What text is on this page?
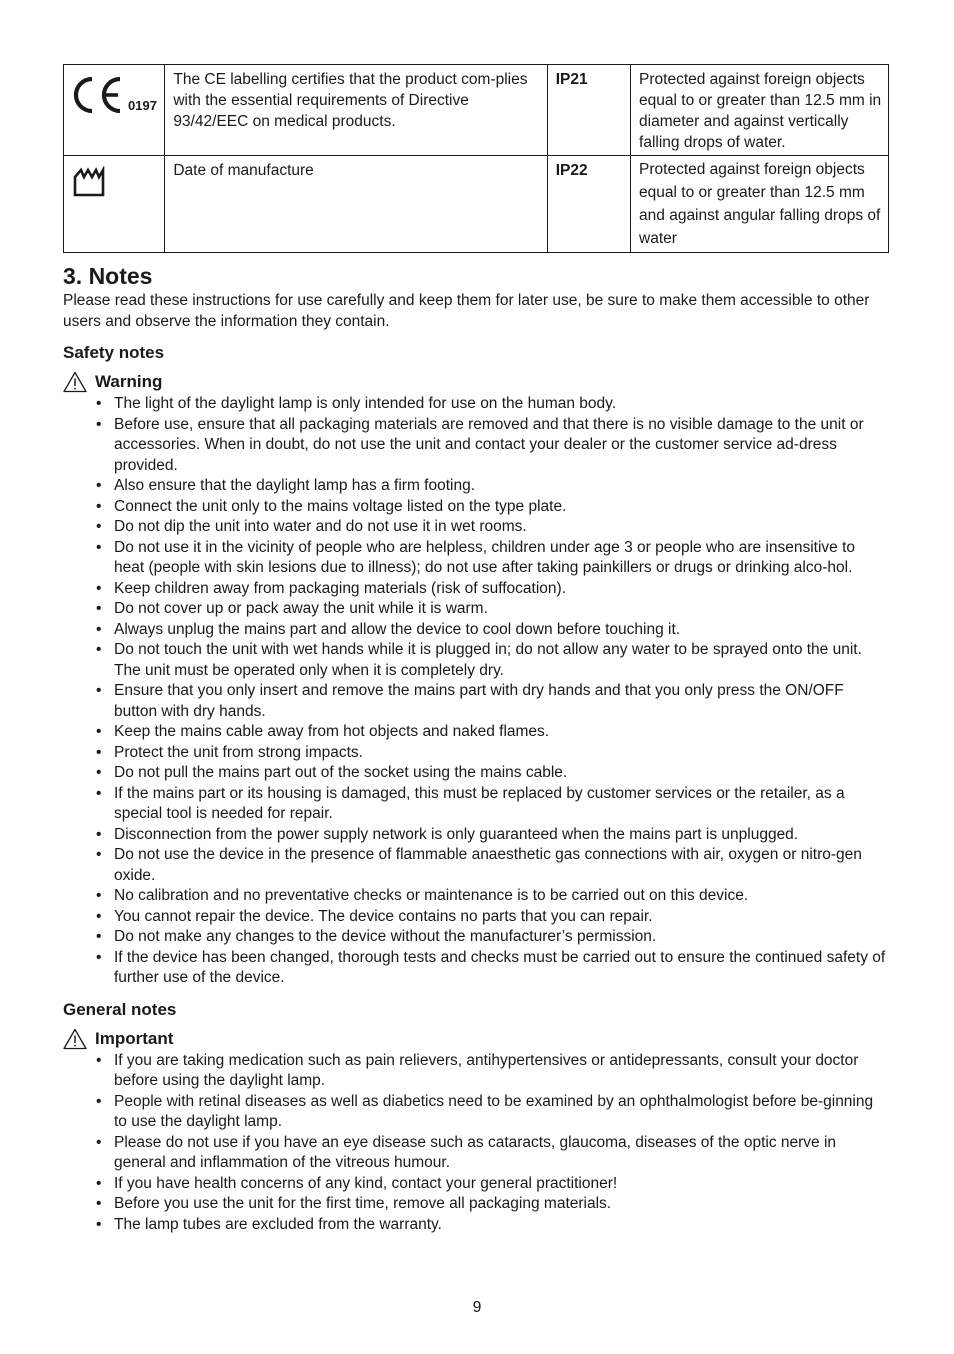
0197	The CE labelling certifies that the product com-plies with the essential requirements of Directive 93/42/EEC on medical products.	IP21	Protected against foreign objects equal to or greater than 12.5 mm in diameter and against vertically falling drops of water.
	Date of manufacture	IP22	Protected against foreign objects equal to or greater than 12.5 mm and against angular falling drops of water
3. Notes

Please read these instructions for use carefully and keep them for later use, be sure to make them accessible to other users and observe the information they contain.

Safety notes
Warning
• The light of the daylight lamp is only intended for use on the human body.
• Before use, ensure that all packaging materials are removed and that there is no visible damage to the unit or accessories. When in doubt, do not use the unit and contact your dealer or the customer service ad-dress provided.
• Also ensure that the daylight lamp has a firm footing.
• Connect the unit only to the mains voltage listed on the type plate.
• Do not dip the unit into water and do not use it in wet rooms.
• Do not use it in the vicinity of people who are helpless, children under age 3 or people who are insensitive to heat (people with skin lesions due to illness); do not use after taking painkillers or drugs or drinking alco-hol.
• Keep children away from packaging materials (risk of suffocation).
• Do not cover up or pack away the unit while it is warm.
• Always unplug the mains part and allow the device to cool down before touching it.
• Do not touch the unit with wet hands while it is plugged in; do not allow any water to be sprayed onto the unit. The unit must be operated only when it is completely dry.
• Ensure that you only insert and remove the mains part with dry hands and that you only press the ON/OFF button with dry hands.
• Keep the mains cable away from hot objects and naked flames.
• Protect the unit from strong impacts.
• Do not pull the mains part out of the socket using the mains cable.
• If the mains part or its housing is damaged, this must be replaced by customer services or the retailer, as a special tool is needed for repair.
• Disconnection from the power supply network is only guaranteed when the mains part is unplugged.
• Do not use the device in the presence of flammable anaesthetic gas connections with air, oxygen or nitro-gen oxide.
• No calibration and no preventative checks or maintenance is to be carried out on this device.
• You cannot repair the device. The device contains no parts that you can repair.
• Do not make any changes to the device without the manufacturer’s permission.
• If the device has been changed, thorough tests and checks must be carried out to ensure the continued safety of further use of the device.
General notes
Important
• If you are taking medication such as pain relievers, antihypertensives or antidepressants, consult your doctor before using the daylight lamp.
• People with retinal diseases as well as diabetics need to be examined by an ophthalmologist before be-ginning to use the daylight lamp.
• Please do not use if you have an eye disease such as cataracts, glaucoma, diseases of the optic nerve in general and inflammation of the vitreous humour.
• If you have health concerns of any kind, contact your general practitioner!
• Before you use the unit for the first time, remove all packaging materials.
• The lamp tubes are excluded from the warranty.
9
